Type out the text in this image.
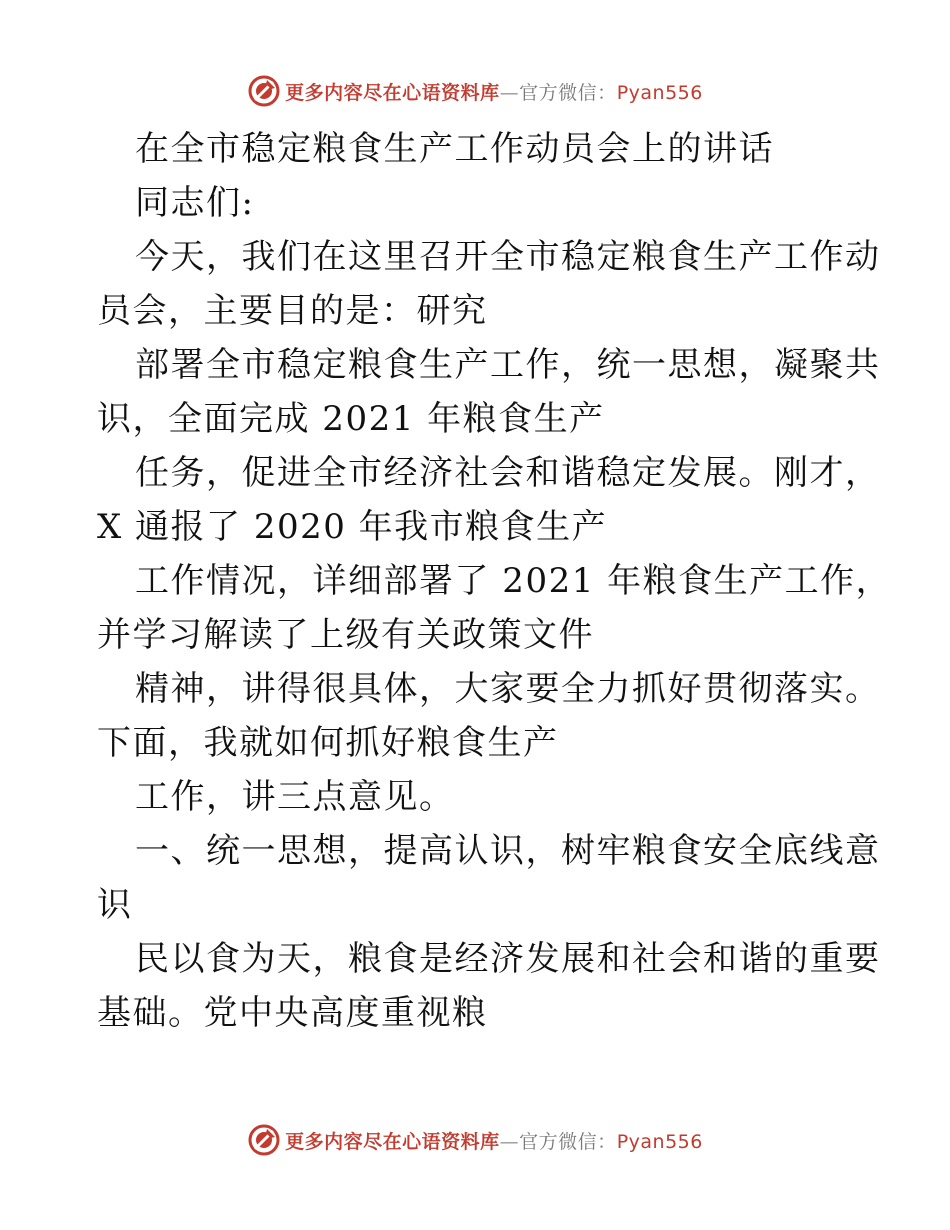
更多内容尽在心语资料库—官方微信：Pyan556

在全市稳定粮食生产工作动员会上的讲话

同志们:

今天，我们在这里召开全市稳定粮食生产工作动

员会，主要目的是：研究

部署全市稳定粮食生产工作，统一思想，凝聚共

识，全面完成 2021 年粮食生产

任务，促进全市经济社会和谐稳定发展。刚才，

X 通报了 2020 年我市粮食生产

工作情况，详细部署了 2021 年粮食生产工作，

并学习解读了上级有关政策文件

精神，讲得很具体，大家要全力抓好贯彻落实。

下面，我就如何抓好粮食生产

工作，讲三点意见。

一、统一思想，提高认识，树牢粮食安全底线意

识

民以食为天，粮食是经济发展和社会和谐的重要

基础。党中央高度重视粮

更多内容尽在心语资料库—官方微信：Pyan556
